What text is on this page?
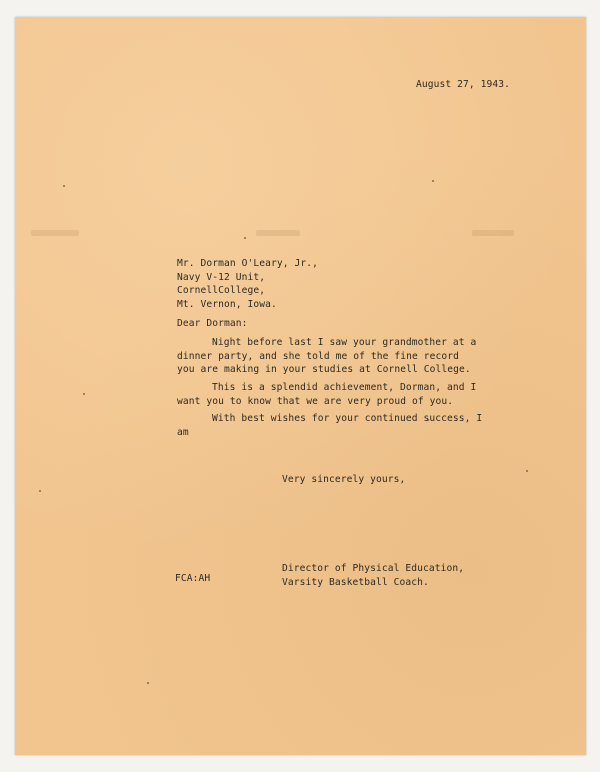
August 27, 1943.
Mr. Dorman O'Leary, Jr.,
Navy V-12 Unit,
CornellCollege,
Mt. Vernon, Iowa.
Dear Dorman:
Night before last I saw your grandmother at a
dinner party, and she told me of the fine record
you are making in your studies at Cornell College.
This is a splendid achievement, Dorman, and I
want you to know that we are very proud of you.
With best wishes for your continued success, I
am
Very sincerely yours,
Director of Physical Education,
Varsity Basketball Coach.
FCA:AH
